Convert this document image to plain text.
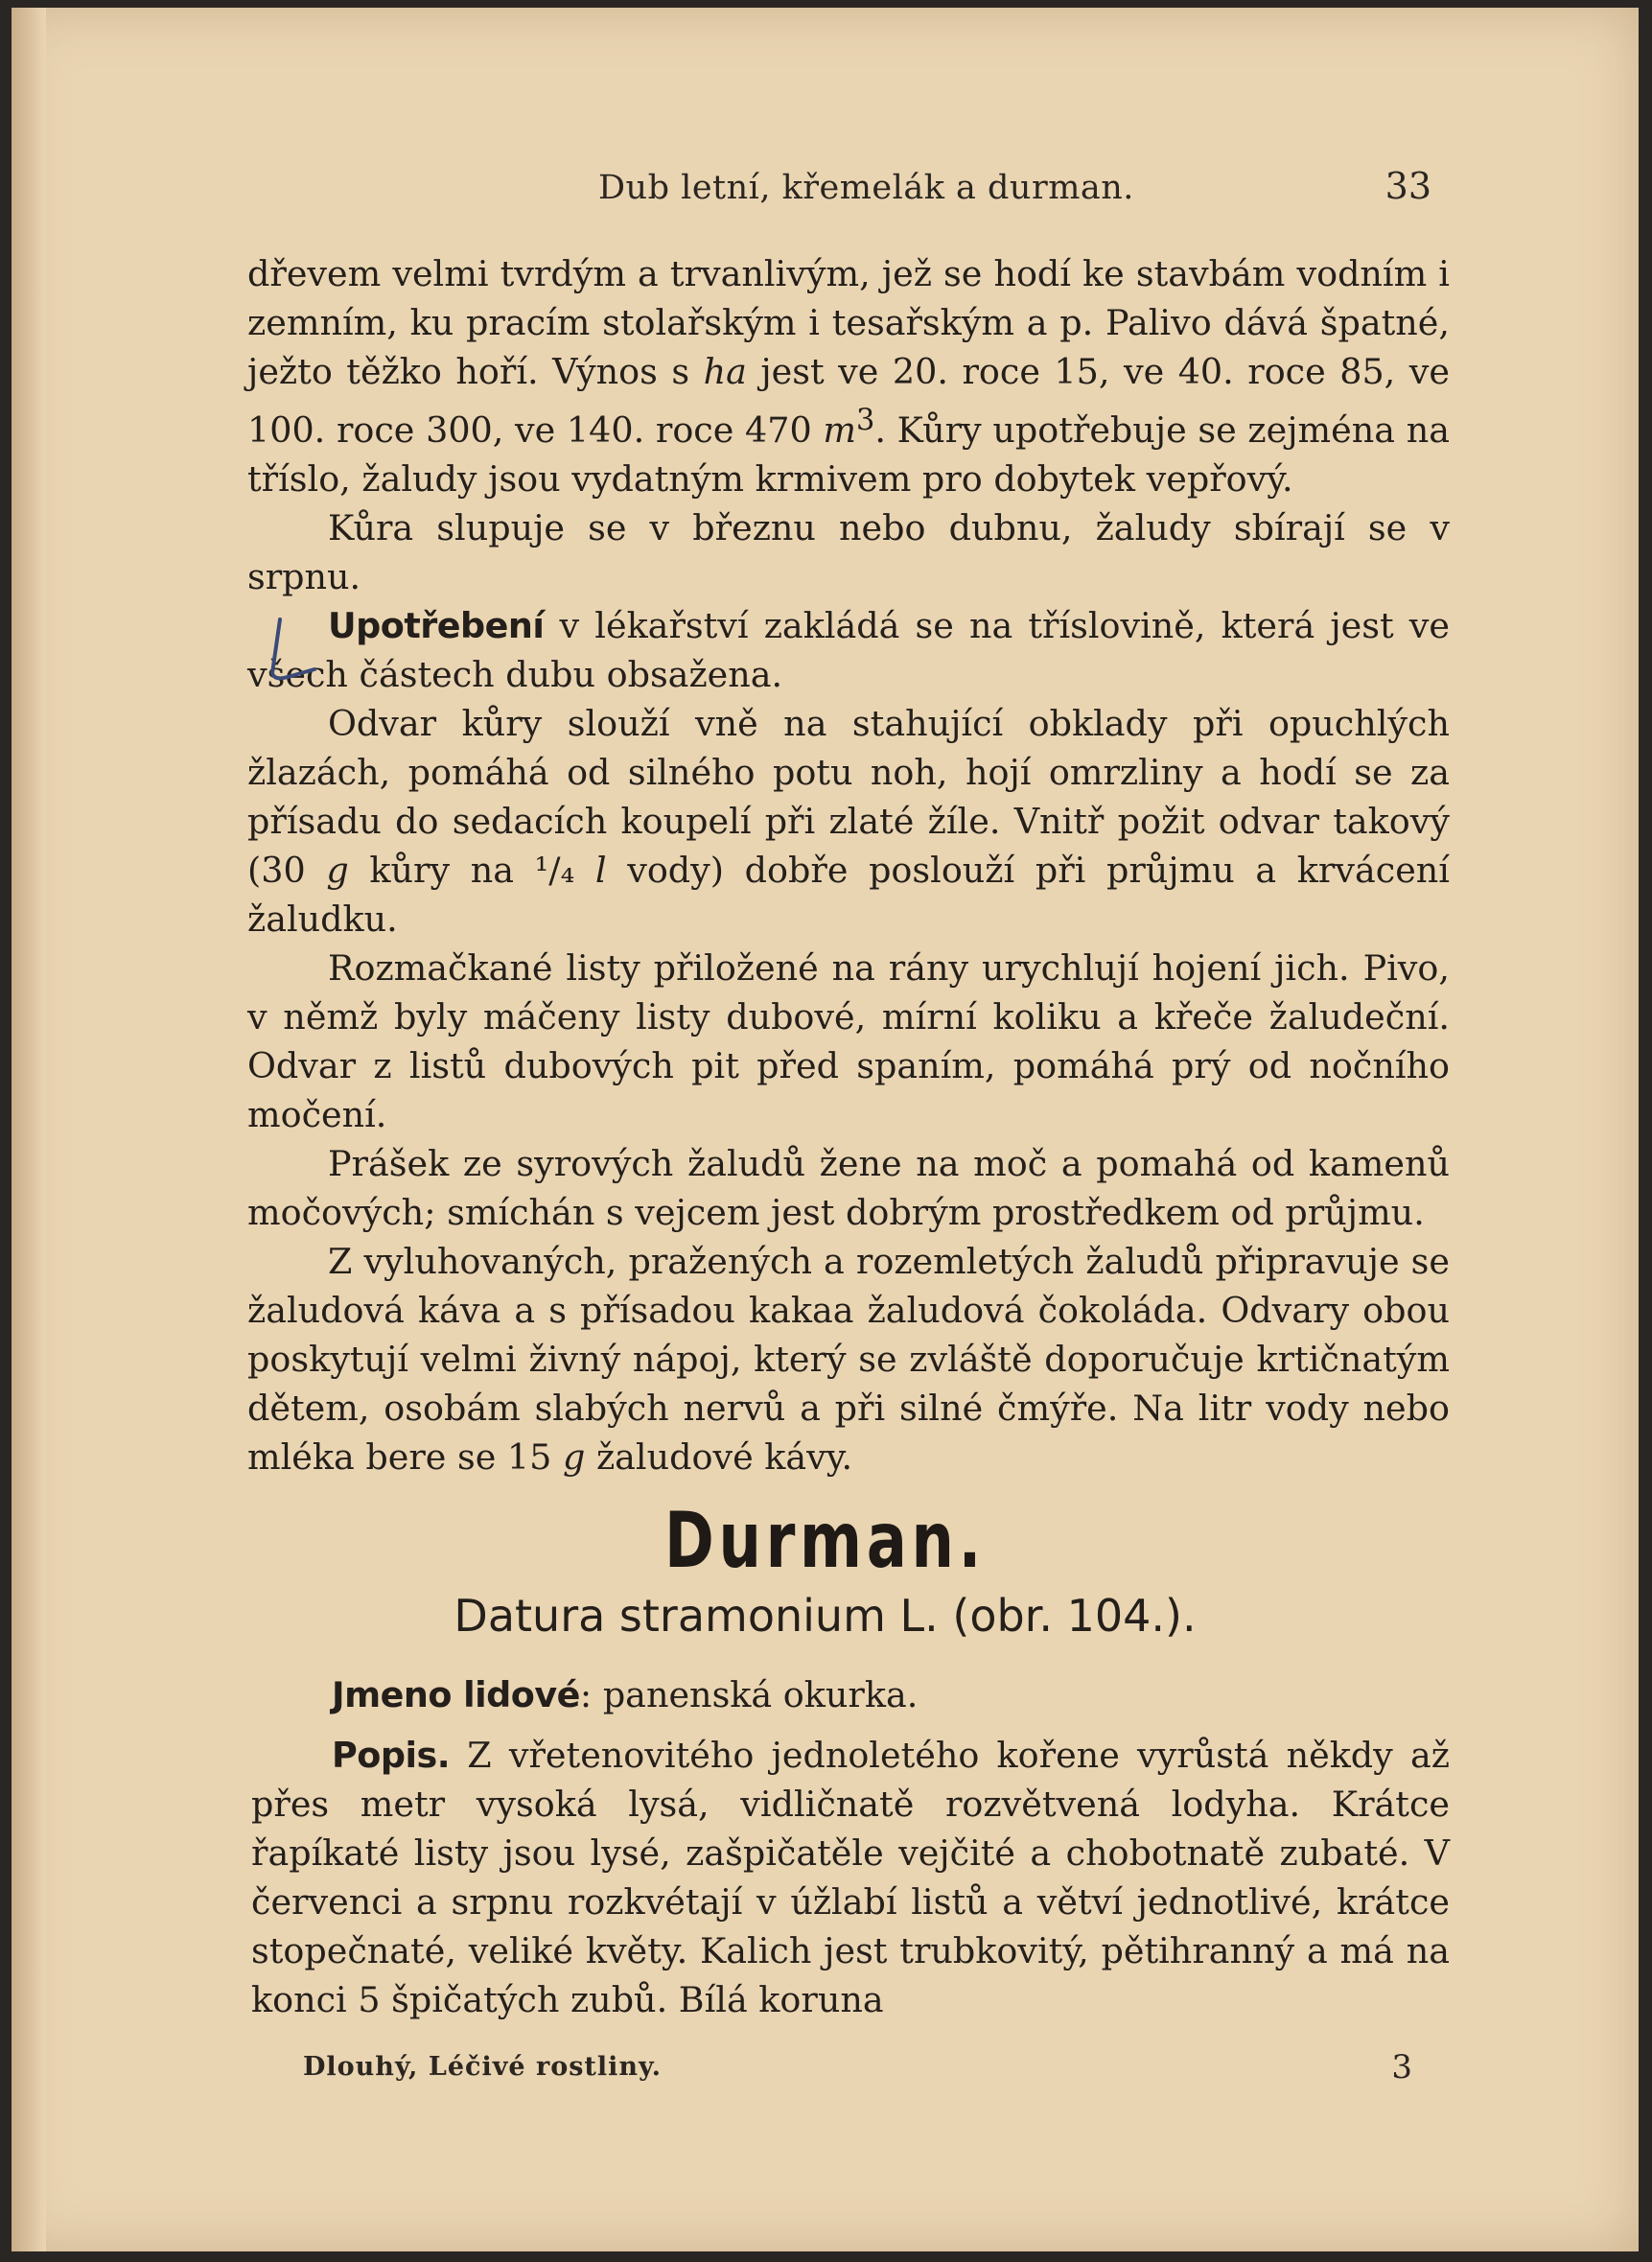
Dub letní, křemelák a durman.	33

dřevem velmi tvrdým a trvanlivým, jež se hodí ke stavbám vodním i zemním, ku pracím stolařským i tesařským a p. Palivo dává špatné, ježto těžko hoří. Výnos s ha jest ve 20. roce 15, ve 40. roce 85, ve 100. roce 300, ve 140. roce 470 $m^3$. Kůry upotřebuje se zejména na tříslo, žaludy jsou vydatným krmivem pro dobytek vepřový.

Kůra slupuje se v březnu nebo dubnu, žaludy sbírají se v srpnu.

Upotřebení v lékařství zakládá se na tříslovině, která jest ve všech částech dubu obsažena.

Odvar kůry slouží vně na stahující obklady při opuchlých žlazách, pomáhá od silného potu noh, hojí omrzliny a hodí se za přísadu do sedacích koupelí při zlaté žíle. Vnitř požit odvar takový (30 g kůry na ¹/₄ l vody) dobře poslouží při průjmu a krvácení žaludku.

Rozmačkané listy přiložené na rány urychlují hojení jich. Pivo, v němž byly máčeny listy dubové, mírní koliku a křeče žaludeční. Odvar z listů dubových pit před spaním, pomáhá prý od nočního močení.

Prášek ze syrových žaludů žene na moč a pomahá od kamenů močových; smíchán s vejcem jest dobrým prostředkem od průjmu.

Z vyluhovaných, pražených a rozemletých žaludů připravuje se žaludová káva a s přísadou kakaa žaludová čokoláda. Odvary obou poskytují velmi živný nápoj, který se zvláště doporučuje krtičnatým dětem, osobám slabých nervů a při silné čmýře. Na litr vody nebo mléka bere se 15 g žaludové kávy.

Durman.
Datura stramonium L. (obr. 104.).

Jmeno lidové: panenská okurka.

Popis. Z vřetenovitého jednoletého kořene vyrůstá někdy až přes metr vysoká lysá, vidličnatě rozvětvená lodyha. Krátce řapíkaté listy jsou lysé, zašpičatěle vejčité a chobotnatě zubaté. V červenci a srpnu rozkvétají v úžlabí listů a větví jednotlivé, krátce stopečnaté, veliké květy. Kalich jest trubkovitý, pětihranný a má na konci 5 špičatých zubů. Bílá koruna

Dlouhý, Léčivé rostliny.	3
